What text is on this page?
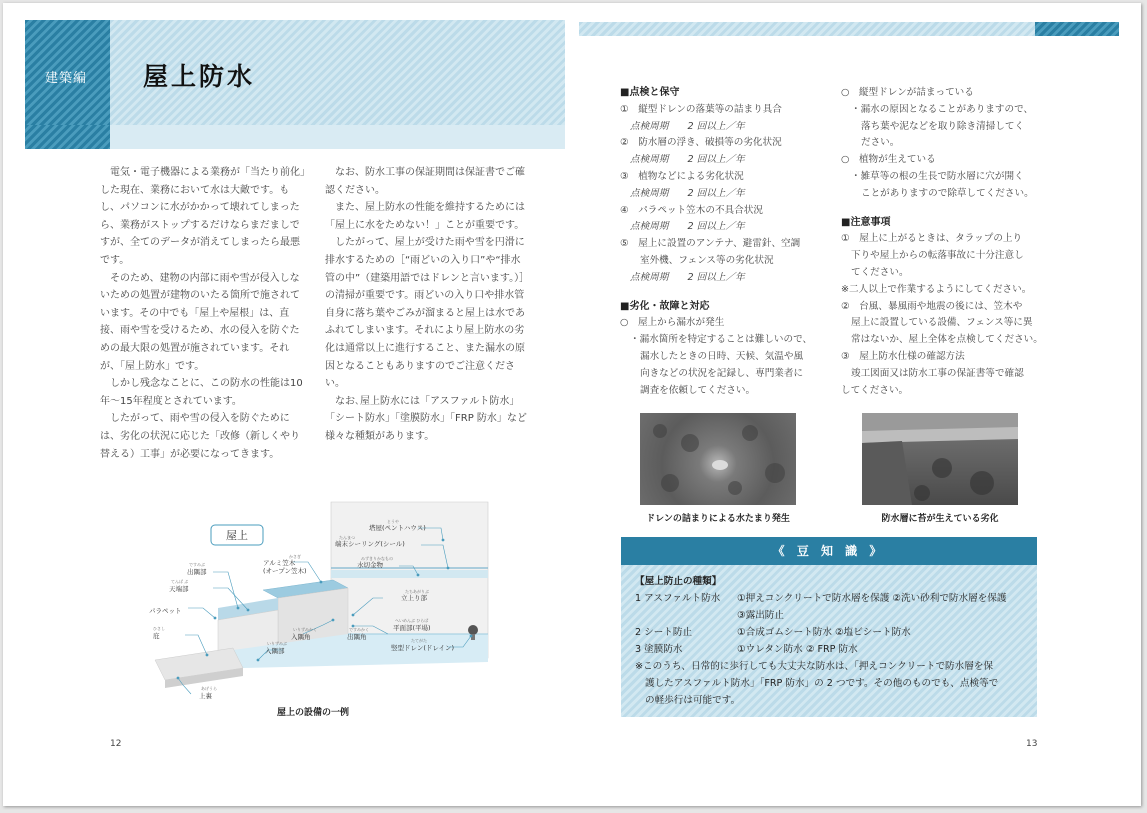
建築編 屋上防水

電気・電子機器による業務が「当たり前化」した現在、業務において水は大敵です。もし、パソコンに水がかかって壊れてしまったら、業務がストップするだけならまだましですが、全てのデータが消えてしまったら最悪です。

そのため、建物の内部に雨や雪が侵入しないための処置が建物のいたる箇所で施されています。その中でも「屋上や屋根」は、直接、雨や雪を受けるため、水の侵入を防ぐための最大限の処置が施されています。それが、「屋上防水」です。

しかし残念なことに、この防水の性能は10年〜15年程度とされています。

したがって、雨や雪の侵入を防ぐためには、劣化の状況に応じた「改修（新しくやり替える）工事」が必要になってきます。

なお、防水工事の保証期間は保証書でご確認ください。

また、屋上防水の性能を維持するためには「屋上に水をためない！」ことが重要です。

したがって、屋上が受けた雨や雪を円滑に排水するための［“雨どいの入り口”や“排水管の中”（建築用語ではドレンと言います。）］の清掃が重要です。雨どいの入り口や排水管自身に落ち葉やごみが溜まると屋上は水であふれてしまいます。それにより屋上防水の劣化は通常以上に進行すること、また漏水の原因となることもありますのでご注意ください。

なお､屋上防水には「アスファルト防水」「シート防水」「塗膜防水」「FRP 防水」など様々な種類があります。

屋上
とうや
塔屋(ペントハウス)
たんまつ
端末シーリング(シール)
みずきりかなもの
水切金物
かさぎ
アルミ笠木
(オープン笠木)
ですみぶ
出隅部
てんば ぶ
天端部
パラペット
ひさし
庇
たちあがりぶ
立上り部
いりずみかく
入隅角
ですみかく
出隅角
へいめんぶ ひらば
平面部(平場)
いりずみぶ
入隅部
たてがた
竪型ドレン(ドレイン)
あげうら
上裏
屋上の設備の一例
12
■点検と保守
①　縦型ドレンの落葉等の詰まり具合
点検周期　　2 回以上／年
②　防水層の浮き、破損等の劣化状況
点検周期　　2 回以上／年
③　植物などによる劣化状況
点検周期　　2 回以上／年
④　パラペット笠木の不具合状況
点検周期　　2 回以上／年
⑤　屋上に設置のアンテナ、避雷針、空調
室外機、フェンス等の劣化状況
点検周期　　2 回以上／年
■劣化・故障と対応
○　屋上から漏水が発生
・漏水箇所を特定することは難しいので、
漏水したときの日時、天候、気温や風
向きなどの状況を記録し、専門業者に
調査を依頼してください。
○　縦型ドレンが詰まっている
・漏水の原因となることがありますので、
落ち葉や泥などを取り除き清掃してく
ださい。
○　植物が生えている
・雑草等の根の生長で防水層に穴が開く
ことがありますので除草してください。
■注意事項
①　屋上に上がるときは、タラップの上り
下りや屋上からの転落事故に十分注意し
てください。
※二人以上で作業するようにしてください。
②　台風、暴風雨や地震の後には、笠木や
屋上に設置している設備、フェンス等に異
常はないか、屋上全体を点検してください。
③　屋上防水仕様の確認方法
竣工図面又は防水工事の保証書等で確認
してください。
ドレンの詰まりによる水たまり発生	防水層に苔が生えている劣化
《 豆 知 識 》
【屋上防止の種類】
1 アスファルト防水 ①押えコンクリートで防水層を保護 ②洗い砂利で防水層を保護
③露出防止
2 シート防止	①合成ゴムシート防水 ②塩ビシート防水
3 塗膜防水	①ウレタン防水 ② FRP 防水
※このうち、日常的に歩行しても大丈夫な防水は、「押えコンクリートで防水層を保
護したアスファルト防水」「FRP 防水」の 2 つです。その他のものでも、点検等で
の軽歩行は可能です。
13
